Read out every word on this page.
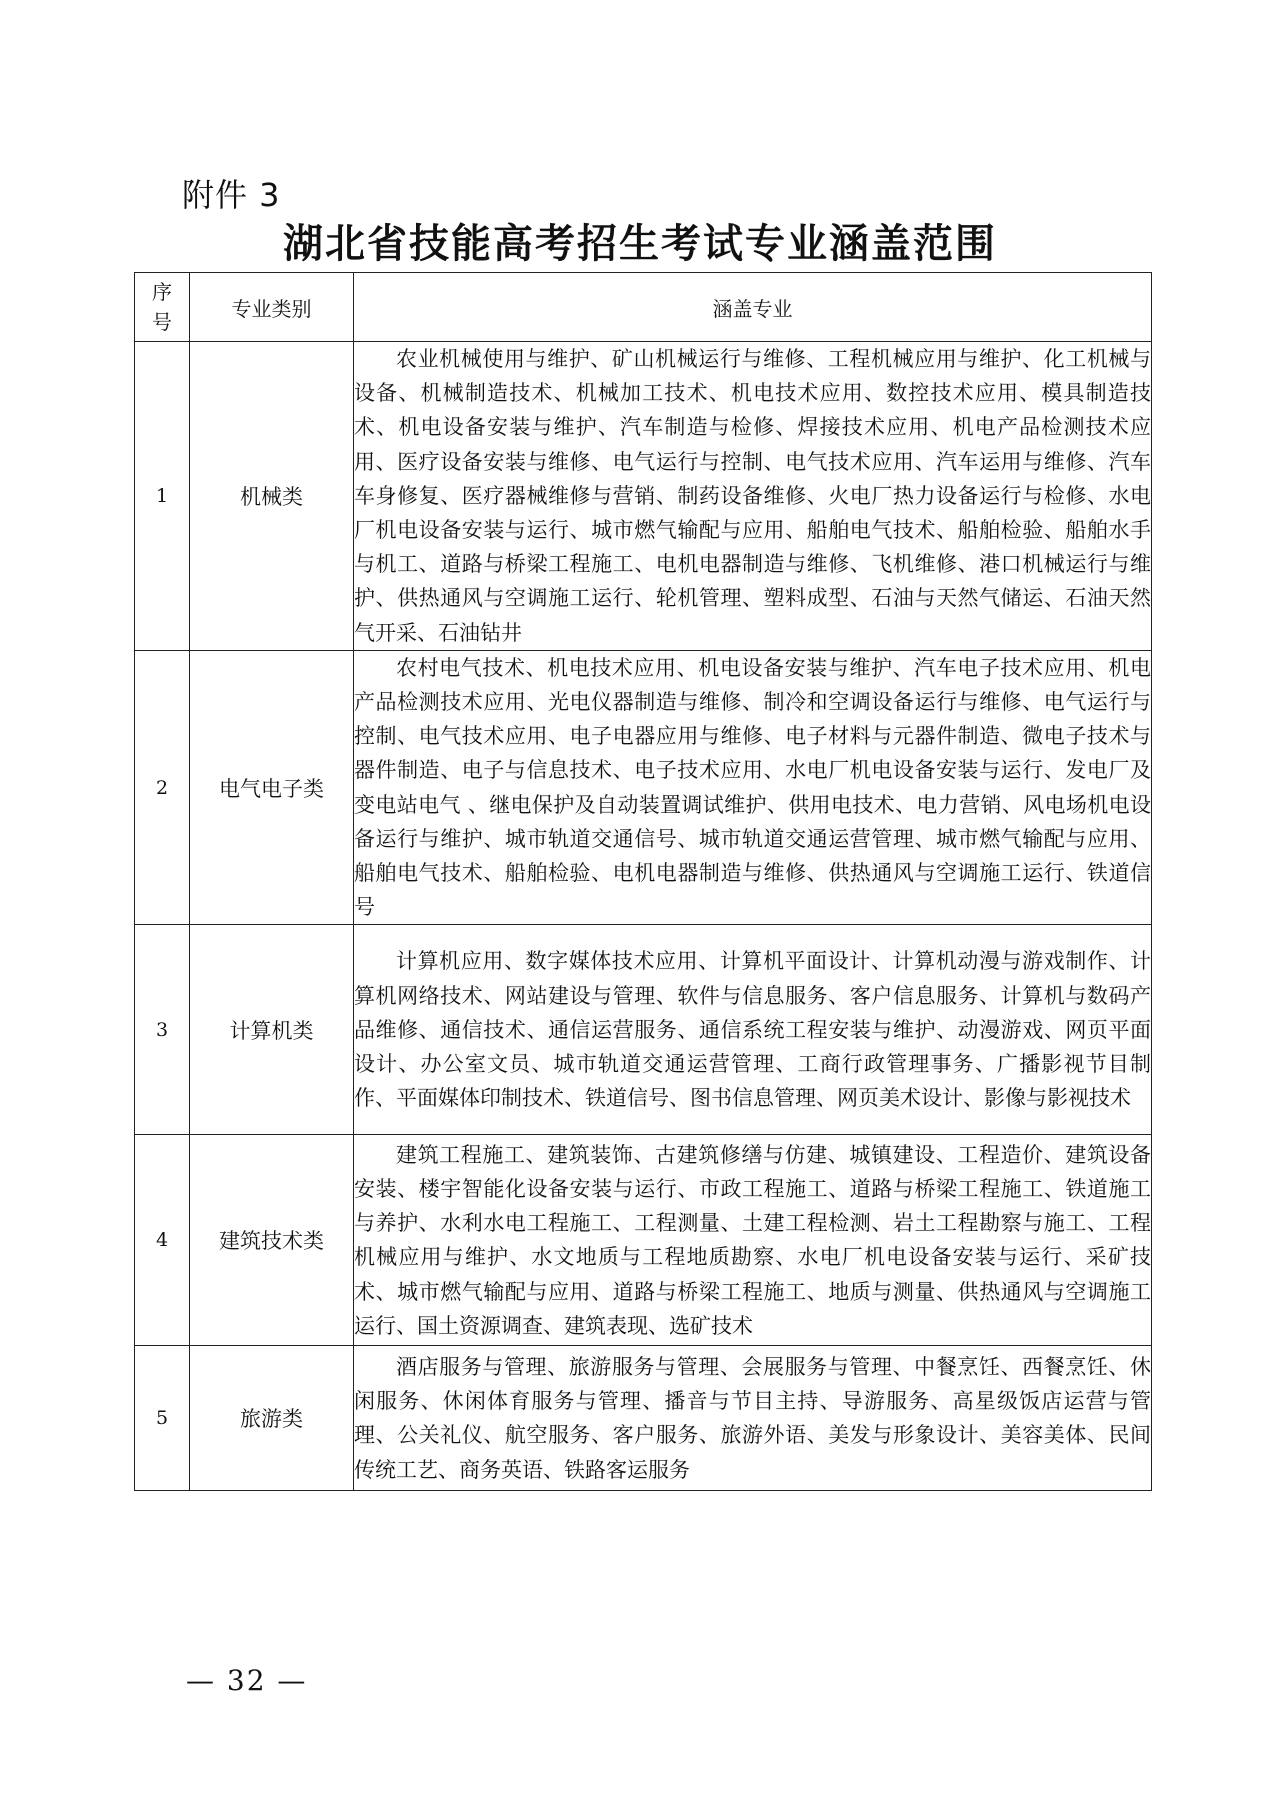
附件 3
湖北省技能高考招生考试专业涵盖范围
序号	专业类别	涵盖专业
1	机械类	农业机械使用与维护、矿山机械运行与维修、工程机械应用与维护、化工机械与设备、机械制造技术、机械加工技术、机电技术应用、数控技术应用、模具制造技术、机电设备安装与维护、汽车制造与检修、焊接技术应用、机电产品检测技术应用、医疗设备安装与维修、电气运行与控制、电气技术应用、汽车运用与维修、汽车车身修复、医疗器械维修与营销、制药设备维修、火电厂热力设备运行与检修、水电厂机电设备安装与运行、城市燃气输配与应用、船舶电气技术、船舶检验、船舶水手与机工、道路与桥梁工程施工、电机电器制造与维修、飞机维修、港口机械运行与维护、供热通风与空调施工运行、轮机管理、塑料成型、石油与天然气储运、石油天然气开采、石油钻井
2	电气电子类	农村电气技术、机电技术应用、机电设备安装与维护、汽车电子技术应用、机电产品检测技术应用、光电仪器制造与维修、制冷和空调设备运行与维修、电气运行与控制、电气技术应用、电子电器应用与维修、电子材料与元器件制造、微电子技术与器件制造、电子与信息技术、电子技术应用、水电厂机电设备安装与运行、发电厂及变电站电气 、继电保护及自动装置调试维护、供用电技术、电力营销、风电场机电设备运行与维护、城市轨道交通信号、城市轨道交通运营管理、城市燃气输配与应用、船舶电气技术、船舶检验、电机电器制造与维修、供热通风与空调施工运行、铁道信号
3	计算机类	计算机应用、数字媒体技术应用、计算机平面设计、计算机动漫与游戏制作、计算机网络技术、网站建设与管理、软件与信息服务、客户信息服务、计算机与数码产品维修、通信技术、通信运营服务、通信系统工程安装与维护、动漫游戏、网页平面设计、办公室文员、城市轨道交通运营管理、工商行政管理事务、广播影视节目制作、平面媒体印制技术、铁道信号、图书信息管理、网页美术设计、影像与影视技术
4	建筑技术类	建筑工程施工、建筑装饰、古建筑修缮与仿建、城镇建设、工程造价、建筑设备安装、楼宇智能化设备安装与运行、市政工程施工、道路与桥梁工程施工、铁道施工与养护、水利水电工程施工、工程测量、土建工程检测、岩土工程勘察与施工、工程机械应用与维护、水文地质与工程地质勘察、水电厂机电设备安装与运行、采矿技术、城市燃气输配与应用、道路与桥梁工程施工、地质与测量、供热通风与空调施工运行、国土资源调查、建筑表现、选矿技术
5	旅游类	酒店服务与管理、旅游服务与管理、会展服务与管理、中餐烹饪、西餐烹饪、休闲服务、休闲体育服务与管理、播音与节目主持、导游服务、高星级饭店运营与管理、公关礼仪、航空服务、客户服务、旅游外语、美发与形象设计、美容美体、民间传统工艺、商务英语、铁路客运服务
— 32 —
